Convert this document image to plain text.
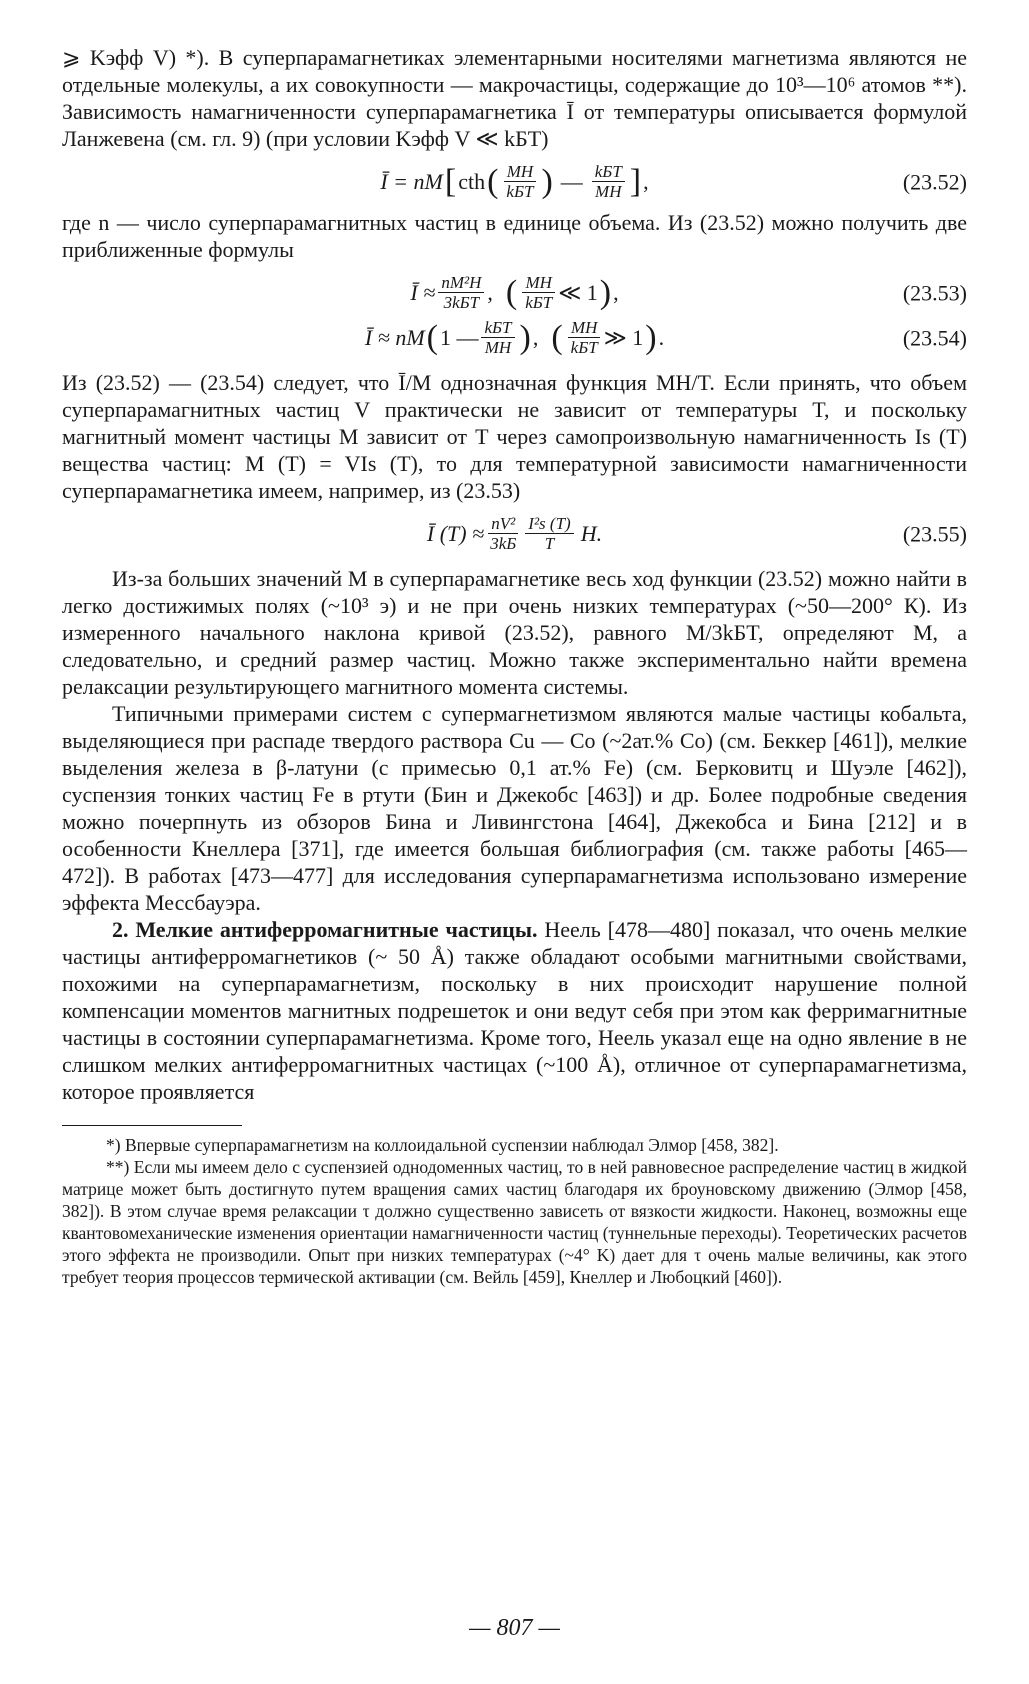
⩾ Kэфф V) *). В суперпарамагнетиках элементарными носителями магнетизма являются не отдельные молекулы, а их совокупности — макрочастицы, содержащие до 10³—10⁶ атомов **). Зависимость намагниченности суперпарамагнетика Ī от температуры описывается формулой Ланжевена (см. гл. 9) (при условии Kэфф V ≪ kБT)

Ī = nM [ cth ( $\frac{MH}{\text{kБT}}$ ) — $\frac{\text{kБT}}{MH}$ ] ,	(23.52)

где n — число суперпарамагнитных частиц в единице объема. Из (23.52) можно получить две приближенные формулы

Ī ≈ $\frac{\text{nM²H}}{\text{3kБT}}$ , ( $\frac{MH}{\text{kБT}}$ ≪ 1 ) ,	(23.53)
Ī ≈ nM ( 1 — $\frac{\text{kБT}}{MH}$ ) , ( $\frac{MH}{\text{kБT}}$ ≫ 1 ) .	(23.54)

Из (23.52) — (23.54) следует, что Ī/M однозначная функция MH/T. Если принять, что объем суперпарамагнитных частиц V практически не зависит от температуры T, и поскольку магнитный момент частицы M зависит от T через самопроизвольную намагниченность Is (T) вещества частиц: M (T) = VIs (T), то для температурной зависимости намагниченности суперпарамагнетика имеем, например, из (23.53)

Ī $(T) \approx \frac{\text{nV²}}{3kБ} \frac{\text{I²s (T)}}{T} H$.	(23.55)

Из-за больших значений M в суперпарамагнетике весь ход функции (23.52) можно найти в легко достижимых полях (~10³ э) и не при очень низких температурах (~50—200° К). Из измеренного начального наклона кривой (23.52), равного M/3kБT, определяют M, а следовательно, и средний размер частиц. Можно также экспериментально найти времена релаксации результирующего магнитного момента системы.

Типичными примерами систем с супермагнетизмом являются малые частицы кобальта, выделяющиеся при распаде твердого раствора Cu — Co (~2ат.% Co) (см. Беккер [461]), мелкие выделения железа в β-латуни (с примесью 0,1 ат.% Fe) (см. Берковитц и Шуэле [462]), суспензия тонких частиц Fe в ртути (Бин и Джекобс [463]) и др. Более подробные сведения можно почерпнуть из обзоров Бина и Ливингстона [464], Джекобса и Бина [212] и в особенности Кнеллера [371], где имеется большая библиография (см. также работы [465—472]). В работах [473—477] для исследования суперпарамагнетизма использовано измерение эффекта Мессбауэра.

2. Мелкие антиферромагнитные частицы. Неель [478—480] показал, что очень мелкие частицы антиферромагнетиков (~ 50 Å) также обладают особыми магнитными свойствами, похожими на суперпарамагнетизм, поскольку в них происходит нарушение полной компенсации моментов магнитных подрешеток и они ведут себя при этом как ферримагнитные частицы в состоянии суперпарамагнетизма. Кроме того, Неель указал еще на одно явление в не слишком мелких антиферромагнитных частицах (~100 Å), отличное от суперпарамагнетизма, которое проявляется

*) Впервые суперпарамагнетизм на коллоидальной суспензии наблюдал Элмор [458, 382].

**) Если мы имеем дело с суспензией однодоменных частиц, то в ней равновесное распределение частиц в жидкой матрице может быть достигнуто путем вращения самих частиц благодаря их броуновскому движению (Элмор [458, 382]). В этом случае время релаксации τ должно существенно зависеть от вязкости жидкости. Наконец, возможны еще квантовомеханические изменения ориентации намагниченности частиц (туннельные переходы). Теоретических расчетов этого эффекта не производили. Опыт при низких температурах (~4° K) дает для τ очень малые величины, как этого требует теория процессов термической активации (см. Вейль [459], Кнеллер и Любоцкий [460]).

— 807 —
